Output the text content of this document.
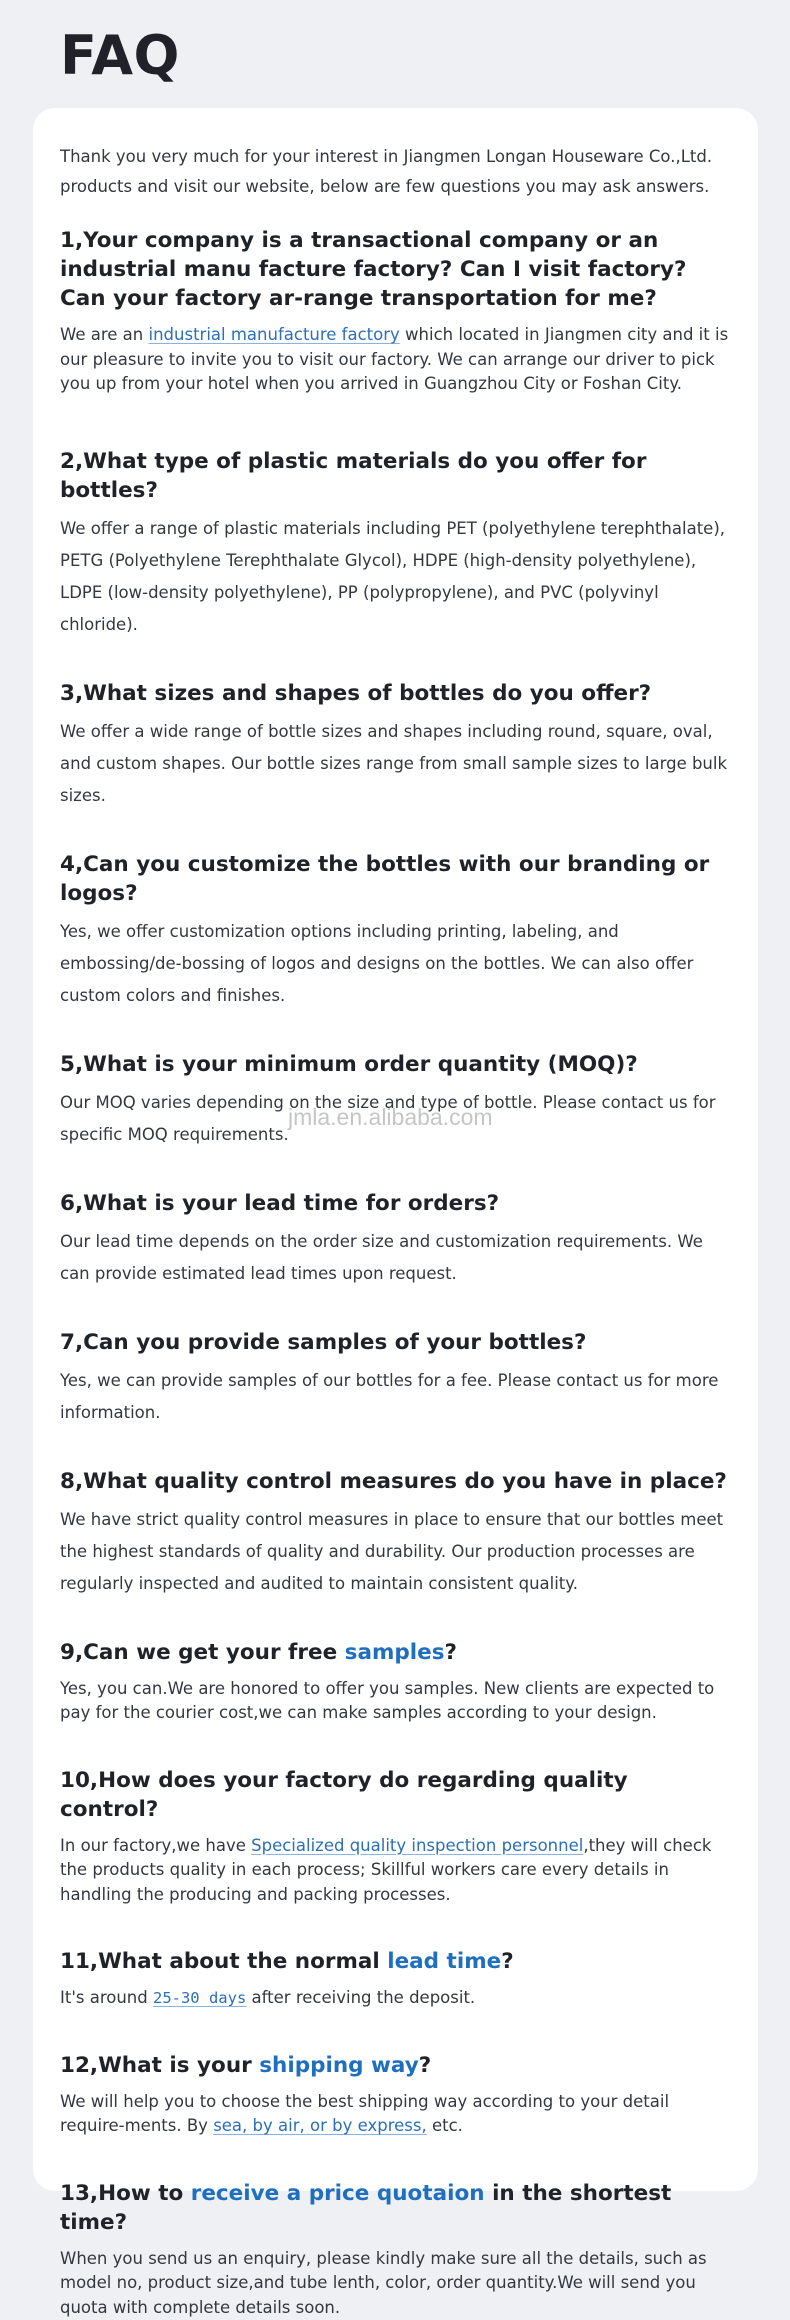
FAQ

Thank you very much for your interest in Jiangmen Longan Houseware Co.,Ltd. products and visit our website, below are few questions you may ask answers.

1,Your company is a transactional company or an industrial manu facture factory? Can I visit factory? Can your factory ar-range transportation for me?

We are an industrial manufacture factory which located in Jiangmen city and it is our pleasure to invite you to visit our factory. We can arrange our driver to pick you up from your hotel when you arrived in Guangzhou City or Foshan City.

2,What type of plastic materials do you offer for bottles?

We offer a range of plastic materials including PET (polyethylene terephthalate), PETG (Polyethylene Terephthalate Glycol), HDPE (high-density polyethylene), LDPE (low-density polyethylene), PP (polypropylene), and PVC (polyvinyl chloride).

3,What sizes and shapes of bottles do you offer?

We offer a wide range of bottle sizes and shapes including round, square, oval, and custom shapes. Our bottle sizes range from small sample sizes to large bulk sizes.

4,Can you customize the bottles with our branding or logos?

Yes, we offer customization options including printing, labeling, and embossing/de-bossing of logos and designs on the bottles. We can also offer custom colors and finishes.

5,What is your minimum order quantity (MOQ)?

Our MOQ varies depending on the size and type of bottle. Please contact us for specific MOQ requirements.

6,What is your lead time for orders?

Our lead time depends on the order size and customization requirements. We can provide estimated lead times upon request.

7,Can you provide samples of your bottles?

Yes, we can provide samples of our bottles for a fee. Please contact us for more information.

8,What quality control measures do you have in place?

We have strict quality control measures in place to ensure that our bottles meet the highest standards of quality and durability. Our production processes are regularly inspected and audited to maintain consistent quality.

9,Can we get your free samples?

Yes, you can.We are honored to offer you samples. New clients are expected to pay for the courier cost,we can make samples according to your design.

10,How does your factory do regarding quality control?

In our factory,we have Specialized quality inspection personnel,they will check the products quality in each process; Skillful workers care every details in handling the producing and packing processes.

11,What about the normal lead time?

It's around 25-30 days after receiving the deposit.

12,What is your shipping way?

We will help you to choose the best shipping way according to your detail require-ments. By sea, by air, or by express, etc.

13,How to receive a price quotaion in the shortest time?

When you send us an enquiry, please kindly make sure all the details, such as model no, product size,and tube lenth, color, order quantity.We will send you quota with complete details soon.

jmla.en.alibaba.com
